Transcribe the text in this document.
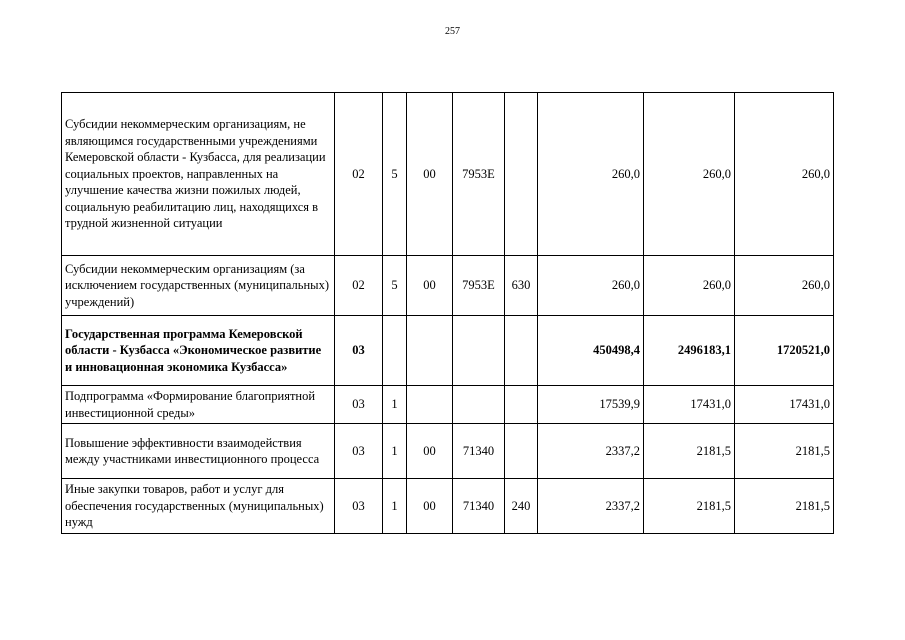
257
Субсидии некоммерческим организациям, не являющимся государственными учреждениями Кемеровской области - Кузбасса, для реализации социальных проектов, направленных на улучшение качества жизни пожилых людей, социальную реабилитацию лиц, находящихся в трудной жизненной ситуации	02	5	00	7953Е		260,0	260,0	260,0
Субсидии некоммерческим организациям (за исключением государственных (муниципальных) учреждений)	02	5	00	7953Е	630	260,0	260,0	260,0
Государственная программа Кемеровской области - Кузбасса «Экономическое развитие и инновационная экономика Кузбасса»	03					450498,4	2496183,1	1720521,0
Подпрограмма «Формирование благоприятной инвестиционной среды»	03	1				17539,9	17431,0	17431,0
Повышение эффективности взаимодействия между участниками инвестиционного процесса	03	1	00	71340		2337,2	2181,5	2181,5
Иные закупки товаров, работ и услуг для обеспечения государственных (муниципальных) нужд	03	1	00	71340	240	2337,2	2181,5	2181,5
